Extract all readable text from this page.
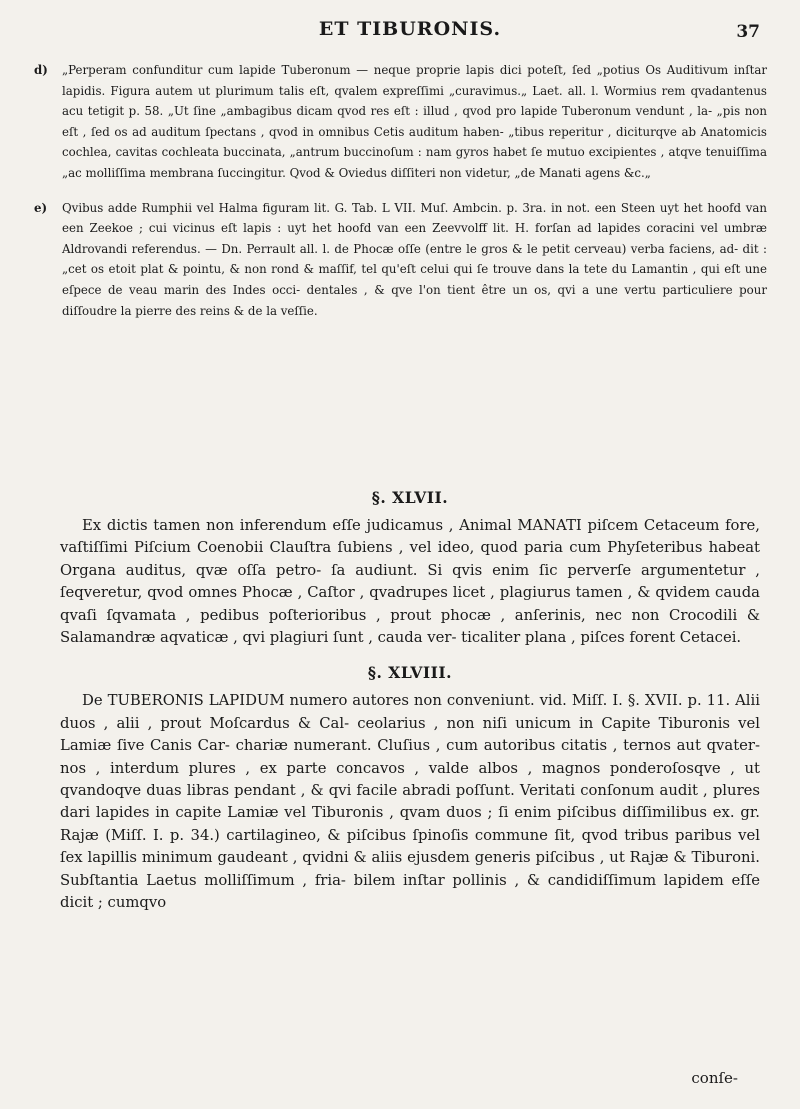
ET TIBURONIS.	37
d) „Perperam confunditur cum lapide Tuberonum — neque proprie lapis dici poteſt, ſed „potius Os Auditivum inſtar lapidis. Figura autem ut plurimum talis eſt, qvalem expreſſimi „curavimus.„ Laet. all. l. Wormius rem qvadantenus acu tetigit p. 58. „Ut ſine „ambagibus dicam qvod res eſt : illud , qvod pro lapide Tuberonum vendunt , la- „pis non eſt , ſed os ad auditum ſpectans , qvod in omnibus Cetis auditum haben- „tibus reperitur , diciturqve ab Anatomicis cochlea, cavitas cochleata buccinata, „antrum buccinoſum : nam gyros habet ſe mutuo excipientes , atqve tenuiſſima „ac molliſſima membrana ſuccingitur. Qvod & Oviedus diſſiteri non videtur, „de Manati agens &c.„
e) Qvibus adde Rumphii vel Halma figuram lit. G. Tab. L VII. Muſ. Ambcin. p. 3ra. in not. een Steen uyt het hoofd van een Zeekoe ; cui vicinus eſt lapis : uyt het hoofd van een Zeevvolff lit. H. forſan ad lapides coracini vel umbræ Aldrovandi referendus. — Dn. Perrault all. l. de Phocæ oſſe (entre le gros & le petit cerveau) verba faciens, ad- dit : „cet os etoit plat & pointu, & non rond & maſſif, tel qu'eſt celui qui ſe trouve dans la tete du Lamantin , qui eſt une eſpece de veau marin des Indes occi- dentales , & qve l'on tient être un os, qvi a une vertu particuliere pour diſſoudre la pierre des reins & de la veſſie.
§. XLVII.

Ex dictis tamen non inferendum eſſe judicamus , Animal MANATI piſcem Cetaceum fore, vaſtiſſimi Piſcium Coenobii Clauſtra ſubiens , vel ideo, quod paria cum Phyſeteribus habeat Organa auditus, qvæ oſſa petro- ſa audiunt. Si qvis enim ſic perverſe argumentetur , ſeqveretur, qvod omnes Phocæ , Caſtor , qvadrupes licet , plagiurus tamen , & qvidem cauda qvaſi ſqvamata , pedibus poſterioribus , prout phocæ , anſerinis, nec non Crocodili & Salamandræ aqvaticæ , qvi plagiuri ſunt , cauda ver- ticaliter plana , piſces forent Cetacei.

§. XLVIII.

De TUBERONIS LAPIDUM numero autores non conveniunt. vid. Miſſ. I. §. XVII. p. 11. Alii duos , alii , prout Moſcardus & Cal- ceolarius , non niſi unicum in Capite Tiburonis vel Lamiæ ſive Canis Car- chariæ numerant. Cluſius , cum autoribus citatis , ternos aut qvater- nos , interdum plures , ex parte concavos , valde albos , magnos ponderoſosqve , ut qvandoqve duas libras pendant , & qvi facile abradi poſſunt. Veritati conſonum audit , plures dari lapides in capite Lamiæ vel Tiburonis , qvam duos ; ſi enim piſcibus diſſimilibus ex. gr. Rajæ (Miſſ. I. p. 34.) cartilagineo, & piſcibus ſpinoſis commune ſit, qvod tribus paribus vel ſex lapillis minimum gaudeant , qvidni & aliis ejusdem generis piſcibus , ut Rajæ & Tiburoni. Subſtantia Laetus molliſſimum , fria- bilem inſtar pollinis , & candidiſſimum lapidem eſſe dicit ; cumqvo

conſe-
